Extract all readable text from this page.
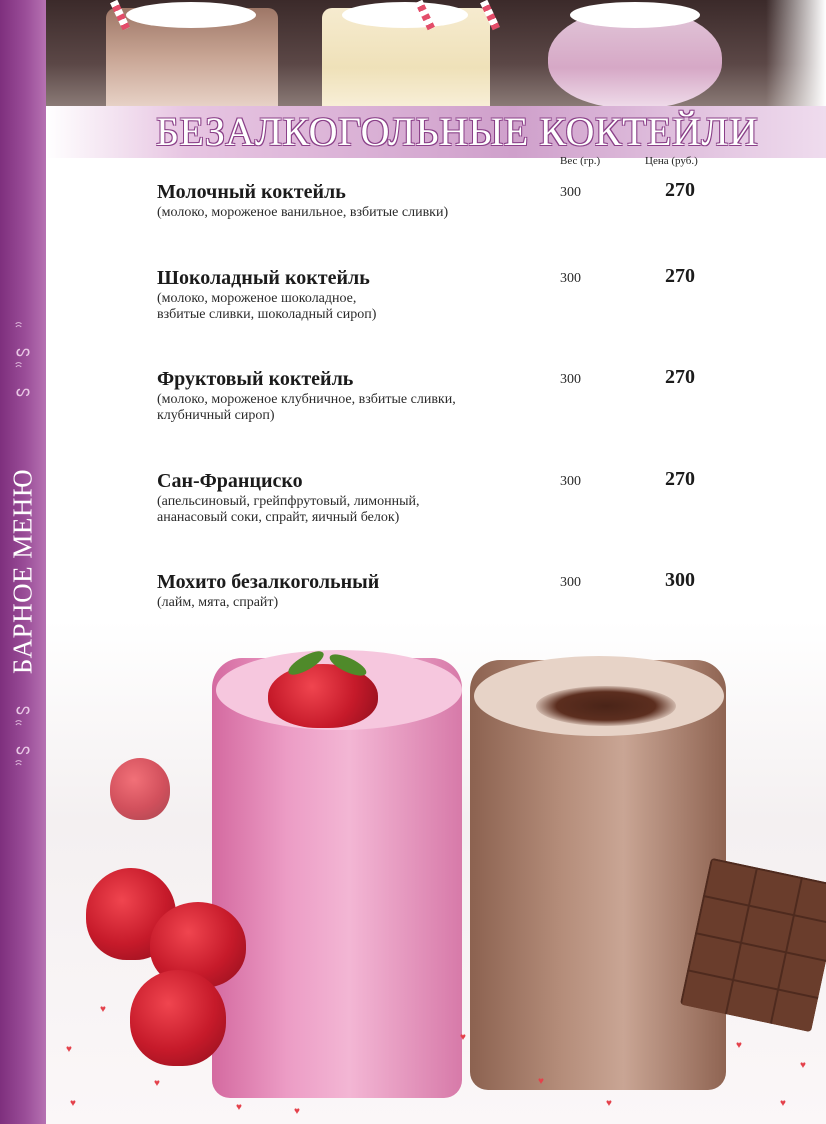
ᔕ

ᔕ
БАРНОЕ МЕНЮ
ᔕ

ᔕ

БЕЗАЛКОГОЛЬНЫЕ КОКТЕЙЛИ
Вес (гр.)	Цена (руб.)
Молочный коктейль
(молоко, мороженое ванильное, взбитые сливки)
300	270
Шоколадный коктейль
(молоко, мороженое шоколадное,
взбитые сливки, шоколадный сироп)
300	270
Фруктовый коктейль
(молоко, мороженое клубничное, взбитые сливки,
клубничный сироп)
300	270
Сан-Франциско
(апельсиновый, грейпфрутовый, лимонный,
ананасовый соки, спрайт, яичный белок)
300	270
Мохито безалкогольный
(лайм, мята, спрайт)
300	300
♥
♥
♥	♥
♥
♥
♥
♥
♥
♥
♥
♥
